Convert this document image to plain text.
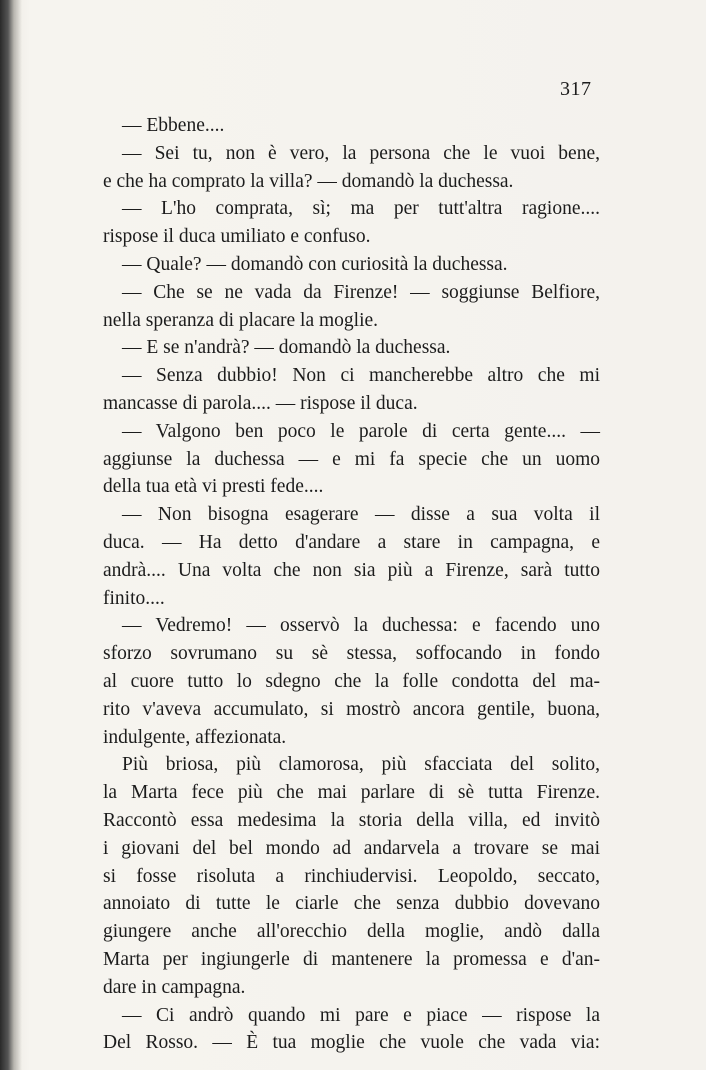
317
— Ebbene....
— Sei tu, non è vero, la persona che le vuoi bene,
e che ha comprato la villa? — domandò la duchessa.
— L'ho comprata, sì; ma per tutt'altra ragione....
rispose il duca umiliato e confuso.
— Quale? — domandò con curiosità la duchessa.
— Che se ne vada da Firenze! — soggiunse Belfiore,
nella speranza di placare la moglie.
— E se n'andrà? — domandò la duchessa.
— Senza dubbio! Non ci mancherebbe altro che mi
mancasse di parola.... — rispose il duca.
— Valgono ben poco le parole di certa gente.... —
aggiunse la duchessa — e mi fa specie che un uomo
della tua età vi presti fede....
— Non bisogna esagerare — disse a sua volta il
duca. — Ha detto d'andare a stare in campagna, e
andrà.... Una volta che non sia più a Firenze, sarà tutto
finito....
— Vedremo! — osservò la duchessa: e facendo uno
sforzo sovrumano su sè stessa, soffocando in fondo
al cuore tutto lo sdegno che la folle condotta del ma-
rito v'aveva accumulato, si mostrò ancora gentile, buona,
indulgente, affezionata.
Più briosa, più clamorosa, più sfacciata del solito,
la Marta fece più che mai parlare di sè tutta Firenze.
Raccontò essa medesima la storia della villa, ed invitò
i giovani del bel mondo ad andarvela a trovare se mai
si fosse risoluta a rinchiudervisi. Leopoldo, seccato,
annoiato di tutte le ciarle che senza dubbio dovevano
giungere anche all'orecchio della moglie, andò dalla
Marta per ingiungerle di mantenere la promessa e d'an-
dare in campagna.
— Ci andrò quando mi pare e piace — rispose la
Del Rosso. — È tua moglie che vuole che vada via:
